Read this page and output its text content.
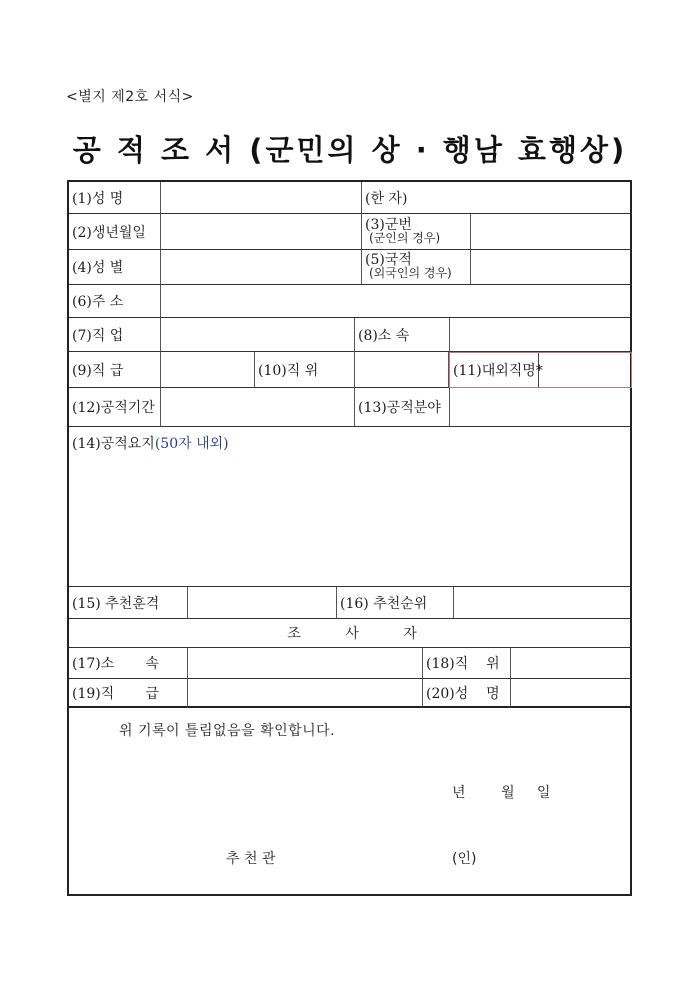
<별지 제2호 서식>
공 적 조 서 (군민의 상 · 행남 효행상)
(1)성 명	(한 자)
(2)생년월일	(3)군번
(군인의 경우)
(4)성 별	(5)국적
(외국인의 경우)
(6)주 소
(7)직 업	(8)소 속
(9)직 급	(10)직 위	(11)대외직명*
(12)공적기간	(13)공적분야
(14)공적요지 (50자 내외)
(15) 추천훈격	(16) 추천순위
조          사          자
(17)소       속	(18)직    위
(19)직       급	(20)성    명
위 기록이 틀림없음을 확인합니다.
년        월     일
추 천 관	(인)
